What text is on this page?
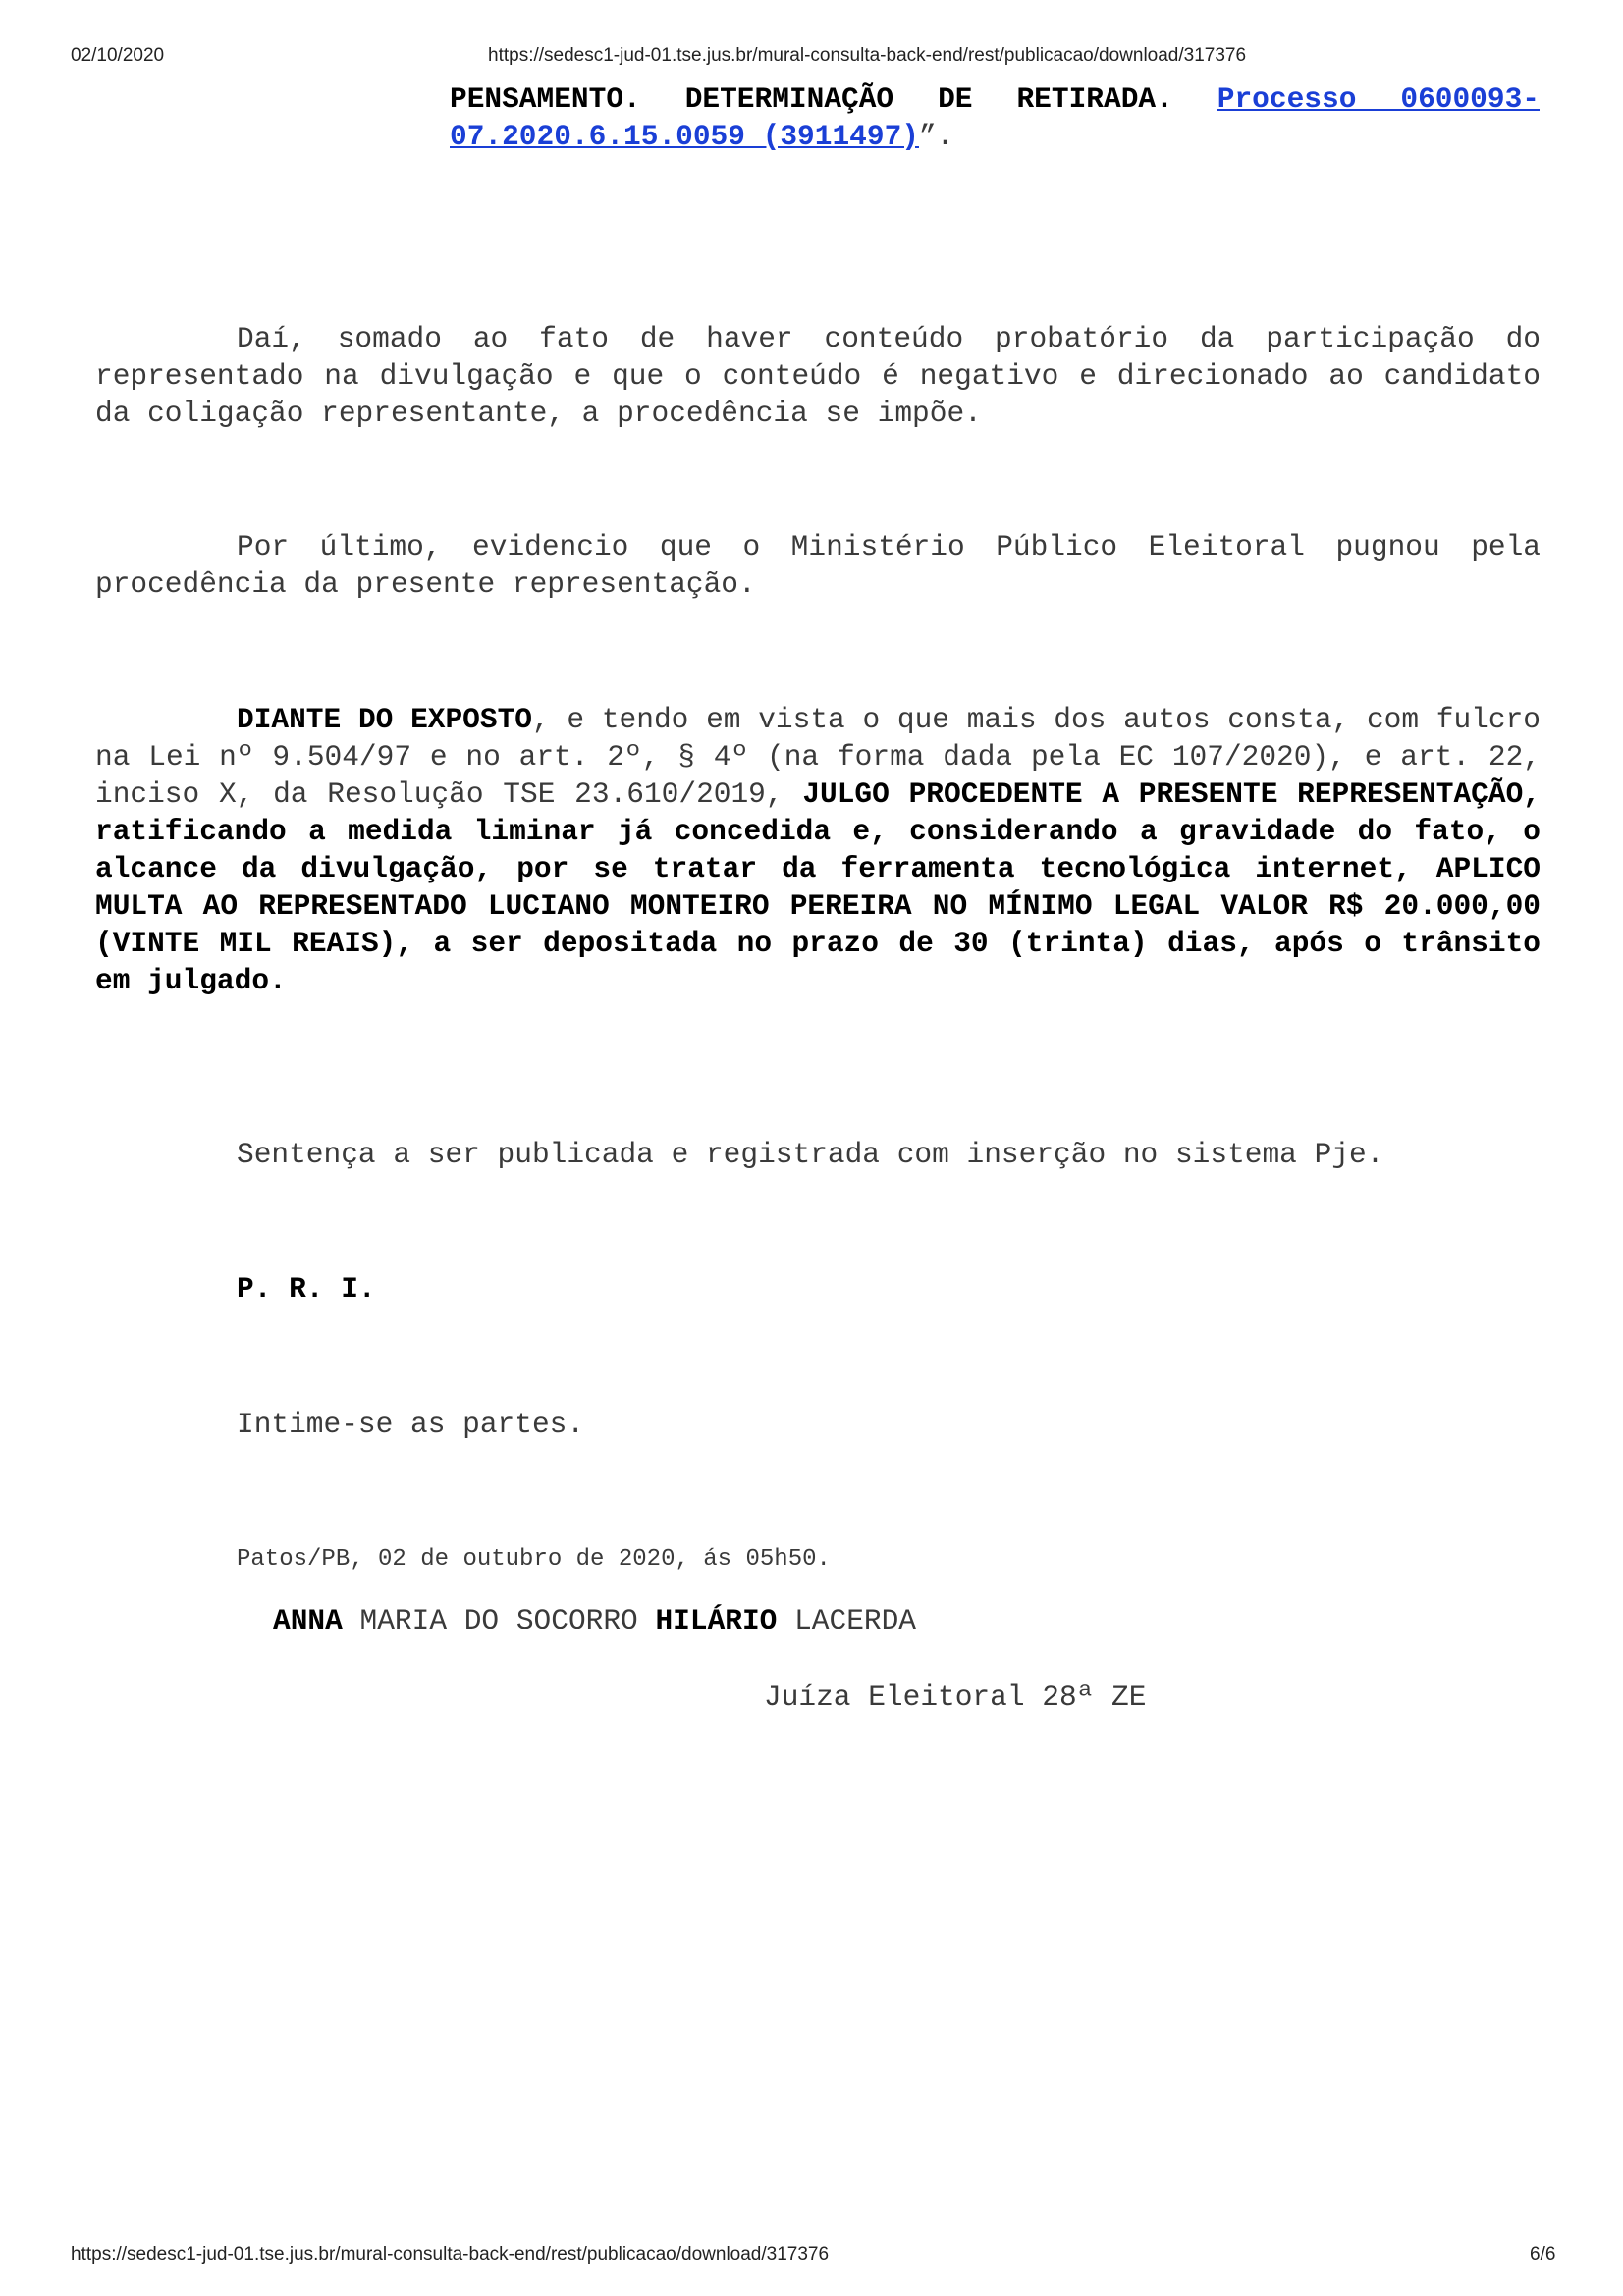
02/10/2020	https://sedesc1-jud-01.tse.jus.br/mural-consulta-back-end/rest/publicacao/download/317376

PENSAMENTO. DETERMINAÇÃO DE RETIRADA. Processo 0600093-07.2020.6.15.0059 (3911497)”.

Daí, somado ao fato de haver conteúdo probatório da participação do representado na divulgação e que o conteúdo é negativo e direcionado ao candidato da coligação representante, a procedência se impõe.

Por último, evidencio que o Ministério Público Eleitoral pugnou pela procedência da presente representação.

DIANTE DO EXPOSTO, e tendo em vista o que mais dos autos consta, com fulcro na Lei nº 9.504/97 e no art. 2º, § 4º (na forma dada pela EC 107/2020), e art. 22, inciso X, da Resolução TSE 23.610/2019, JULGO PROCEDENTE A PRESENTE REPRESENTAÇÃO, ratificando a medida liminar já concedida e, considerando a gravidade do fato, o alcance da divulgação, por se tratar da ferramenta tecnológica internet, APLICO MULTA AO REPRESENTADO LUCIANO MONTEIRO PEREIRA NO MÍNIMO LEGAL VALOR R$ 20.000,00 (VINTE MIL REAIS), a ser depositada no prazo de 30 (trinta) dias, após o trânsito em julgado.

Sentença a ser publicada e registrada com inserção no sistema Pje.

P. R. I.

Intime-se as partes.

Patos/PB, 02 de outubro de 2020, ás 05h50.

ANNA MARIA DO SOCORRO HILÁRIO LACERDA

Juíza Eleitoral 28ª ZE

https://sedesc1-jud-01.tse.jus.br/mural-consulta-back-end/rest/publicacao/download/317376	6/6
